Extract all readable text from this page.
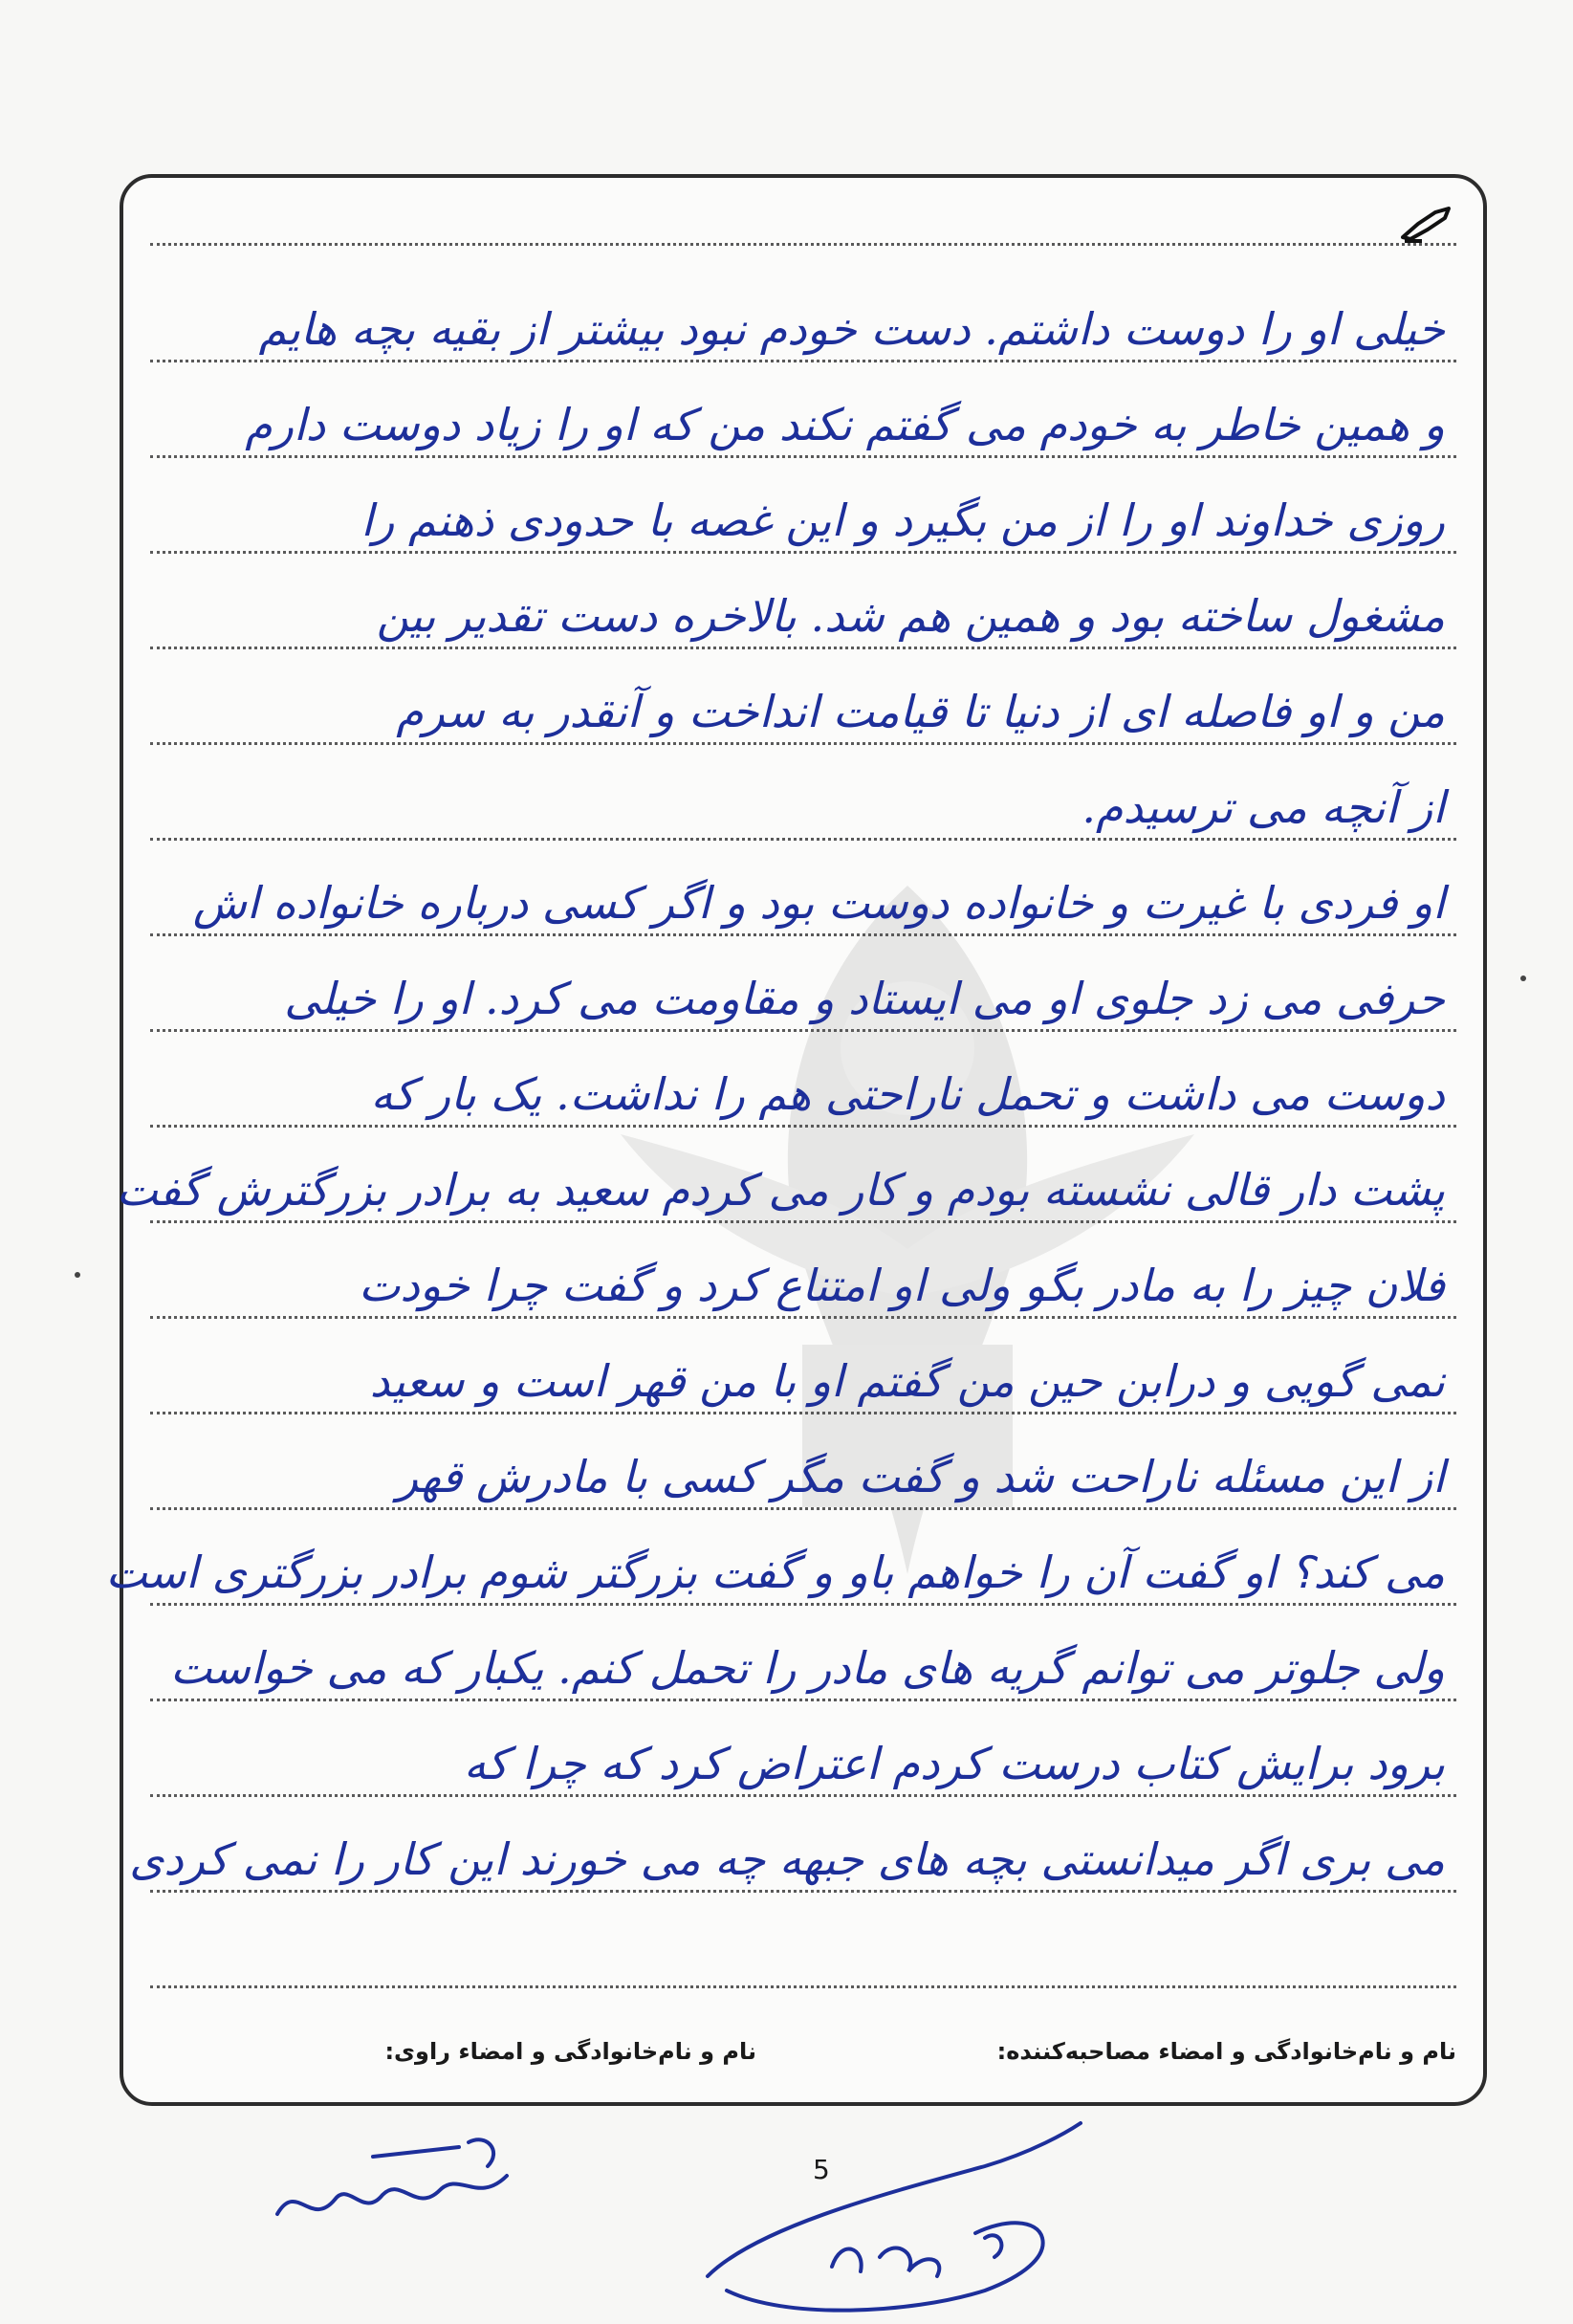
خیلی او را دوست داشتم. دست خودم نبود بیشتر از بقیه بچه هایم
و همین خاطر به خودم می گفتم نکند من که او را زیاد دوست دارم
روزی خداوند او را از من بگیرد و این غصه با حدودی ذهنم را
مشغول ساخته بود و همین هم شد. بالاخره دست تقدیر بین
من و او فاصله ای از دنیا تا قیامت انداخت و آنقدر به سرم
از آنچه می ترسیدم.
او فردی با غیرت و خانواده دوست بود و اگر کسی درباره خانواده اش
حرفی می زد جلوی او می ایستاد و مقاومت می کرد. او را خیلی
دوست می داشت و تحمل ناراحتی هم را نداشت. یک بار که
پشت دار قالی نشسته بودم و کار می کردم سعید به برادر بزرگترش گفت
فلان چیز را به مادر بگو ولی او امتناع کرد و گفت چرا خودت
نمی گویی و درابن حین من گفتم او با من قهر است و سعید
از این مسئله ناراحت شد و گفت مگر کسی با مادرش قهر
می کند؟ او گفت آن را خواهم باو و گفت بزرگتر شوم برادر بزرگتری است
ولی جلوتر می توانم گریه های مادر را تحمل کنم. یکبار که می خواست
برود برایش کتاب درست کردم اعتراض کرد که چرا که
می بری اگر میدانستی بچه های جبهه چه می خورند این کار را نمی کردی
نام و نام‌خانوادگی و امضاء مصاحبه‌کننده:
نام و نام‌خانوادگی و امضاء راوی:
5
